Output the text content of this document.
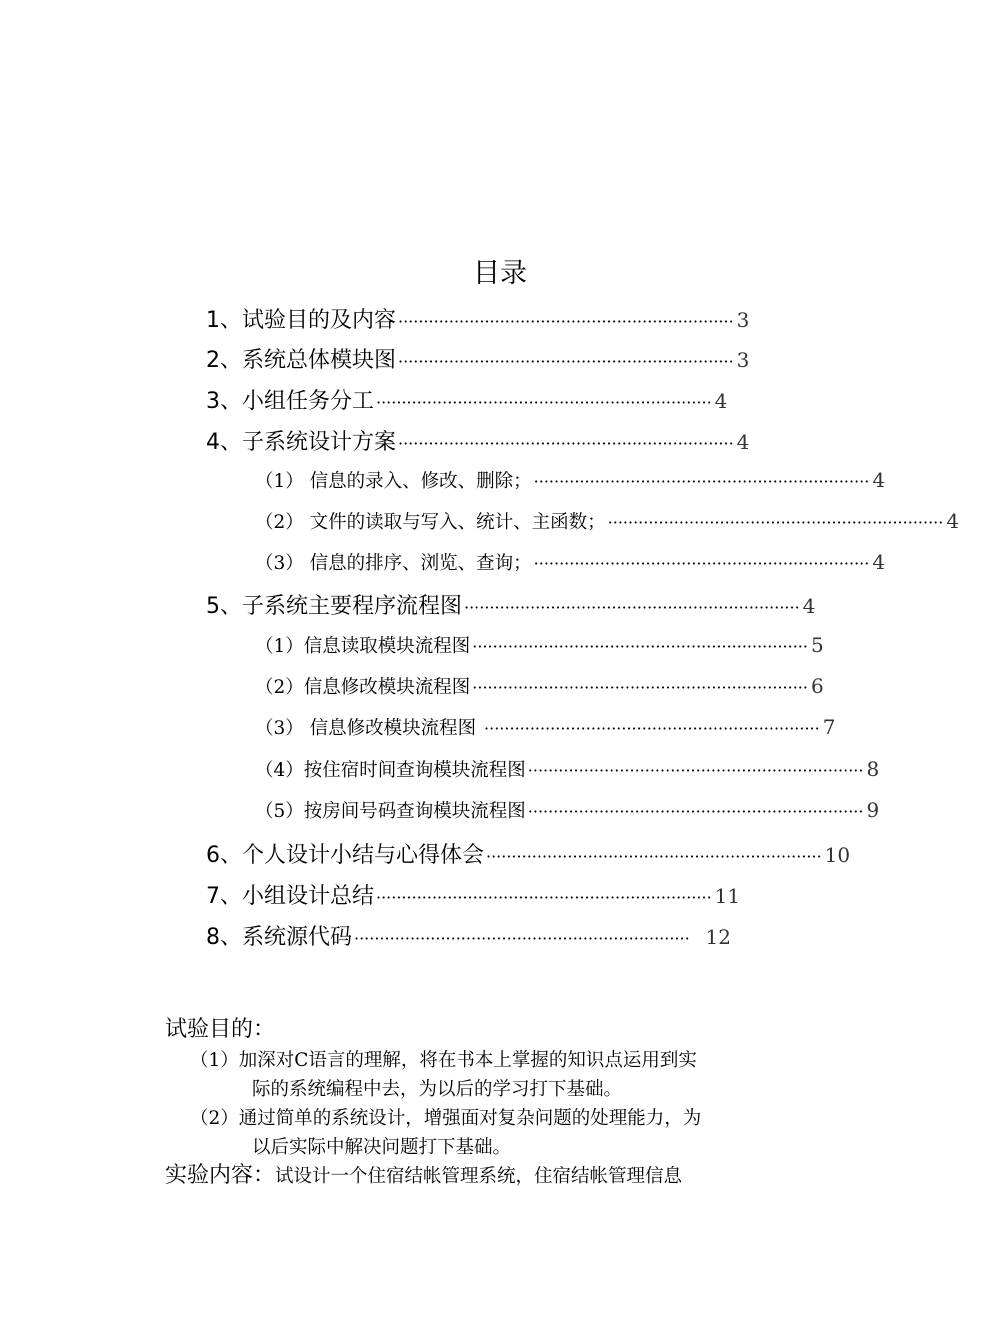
目录
1、试验目的及内容 ·································································· 3
2、系统总体模块图 ·································································· 3
3、小组任务分工 ·································································· 4
4、子系统设计方案 ·································································· 4
（1） 信息的录入、修改、删除； ·································································· 4
（2） 文件的读取与写入、统计、主函数； ·································································· 4
（3） 信息的排序、浏览、查询； ·································································· 4
5、子系统主要程序流程图 ·································································· 4
（1）信息读取模块流程图 ·································································· 5
（2）信息修改模块流程图 ·································································· 6
（3） 信息修改模块流程图 ·································································· 7
（4）按住宿时间查询模块流程图 ·································································· 8
（5）按房间号码查询模块流程图 ·································································· 9
6、个人设计小结与心得体会 ·································································· 10
7、小组设计总结 ·································································· 11
8、系统源代码 ·································································· 12
试验目的：
（1）加深对C语言的理解，将在书本上掌握的知识点运用到实
际的系统编程中去，为以后的学习打下基础。
（2）通过简单的系统设计，增强面对复杂问题的处理能力，为
以后实际中解决问题打下基础。
实验内容：试设计一个住宿结帐管理系统，住宿结帐管理信息
